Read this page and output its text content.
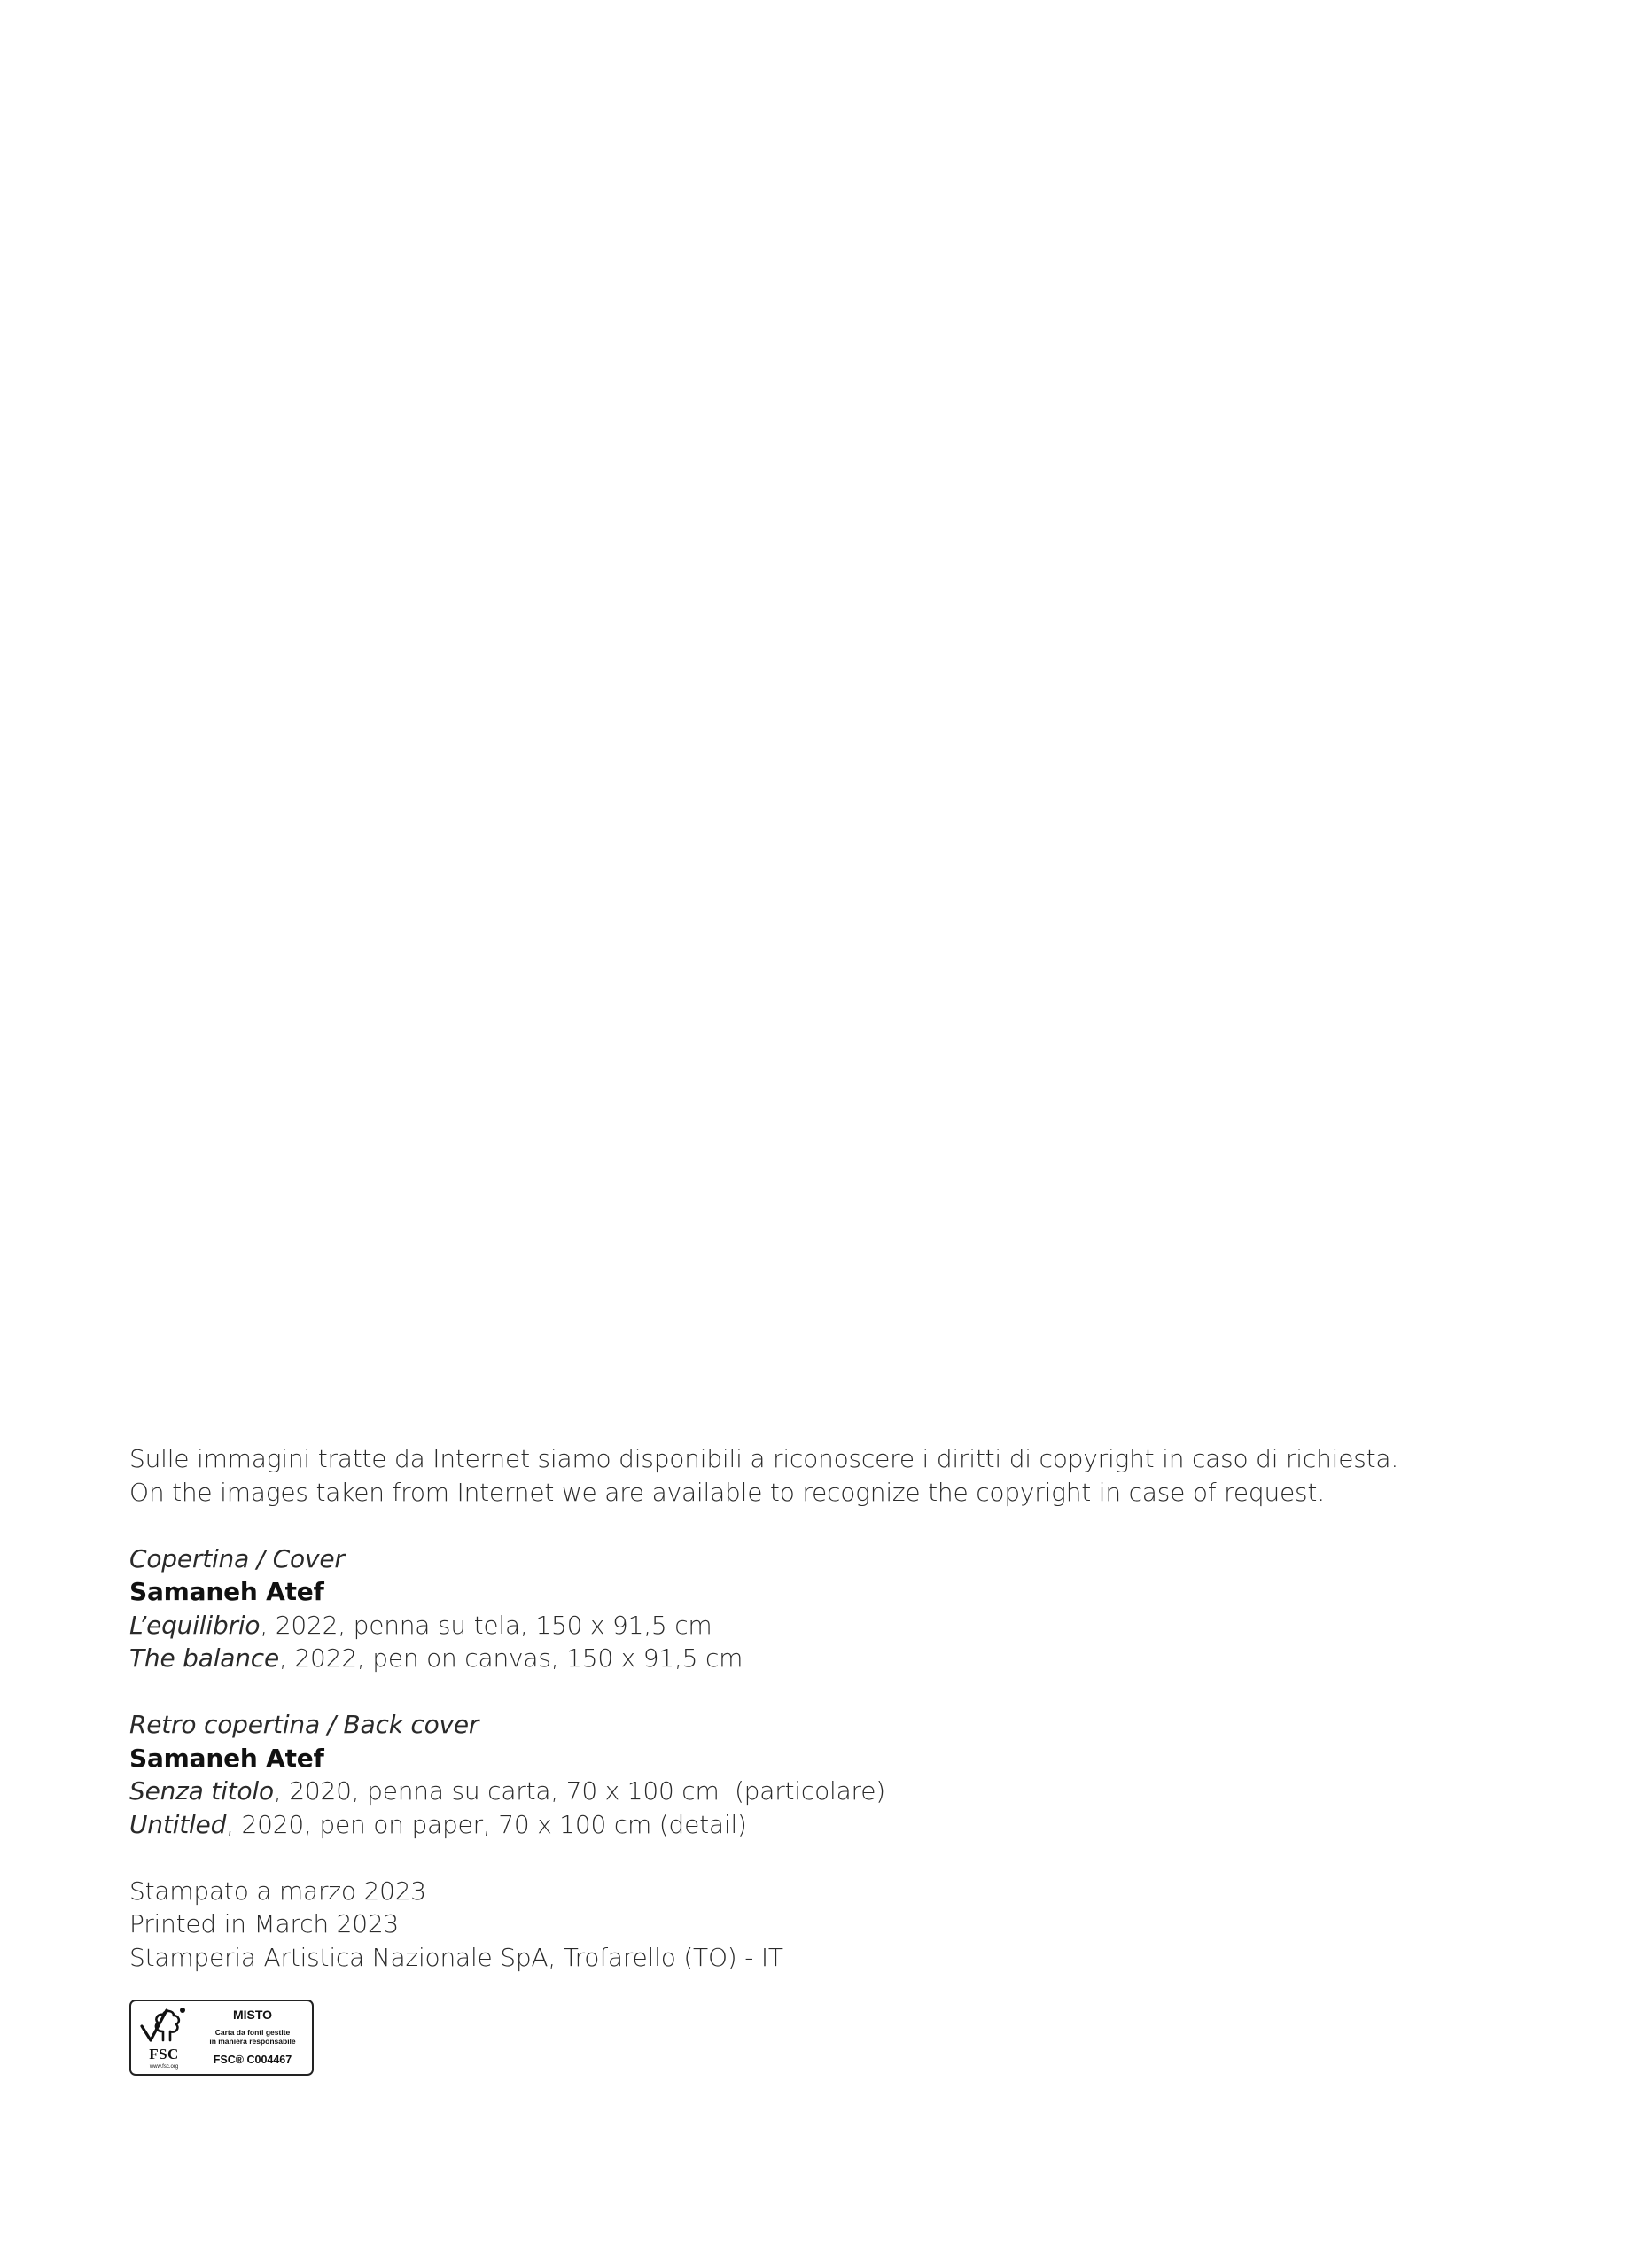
Sulle immagini tratte da Internet siamo disponibili a riconoscere i diritti di copyright in caso di richiesta.
On the images taken from Internet we are available to recognize the copyright in case of request.
Copertina / Cover
Samaneh Atef
L’equilibrio, 2022, penna su tela, 150 x 91,5 cm
The balance, 2022, pen on canvas, 150 x 91,5 cm
Retro copertina / Back cover
Samaneh Atef
Senza titolo, 2020, penna su carta, 70 x 100 cm  (particolare)
Untitled, 2020, pen on paper, 70 x 100 cm (detail)
Stampato a marzo 2023
Printed in March 2023
Stamperia Artistica Nazionale SpA, Trofarello (TO) - IT
FSC
www.fsc.org
MISTO
Carta da fonti gestite
in maniera responsabile
FSC® C004467
